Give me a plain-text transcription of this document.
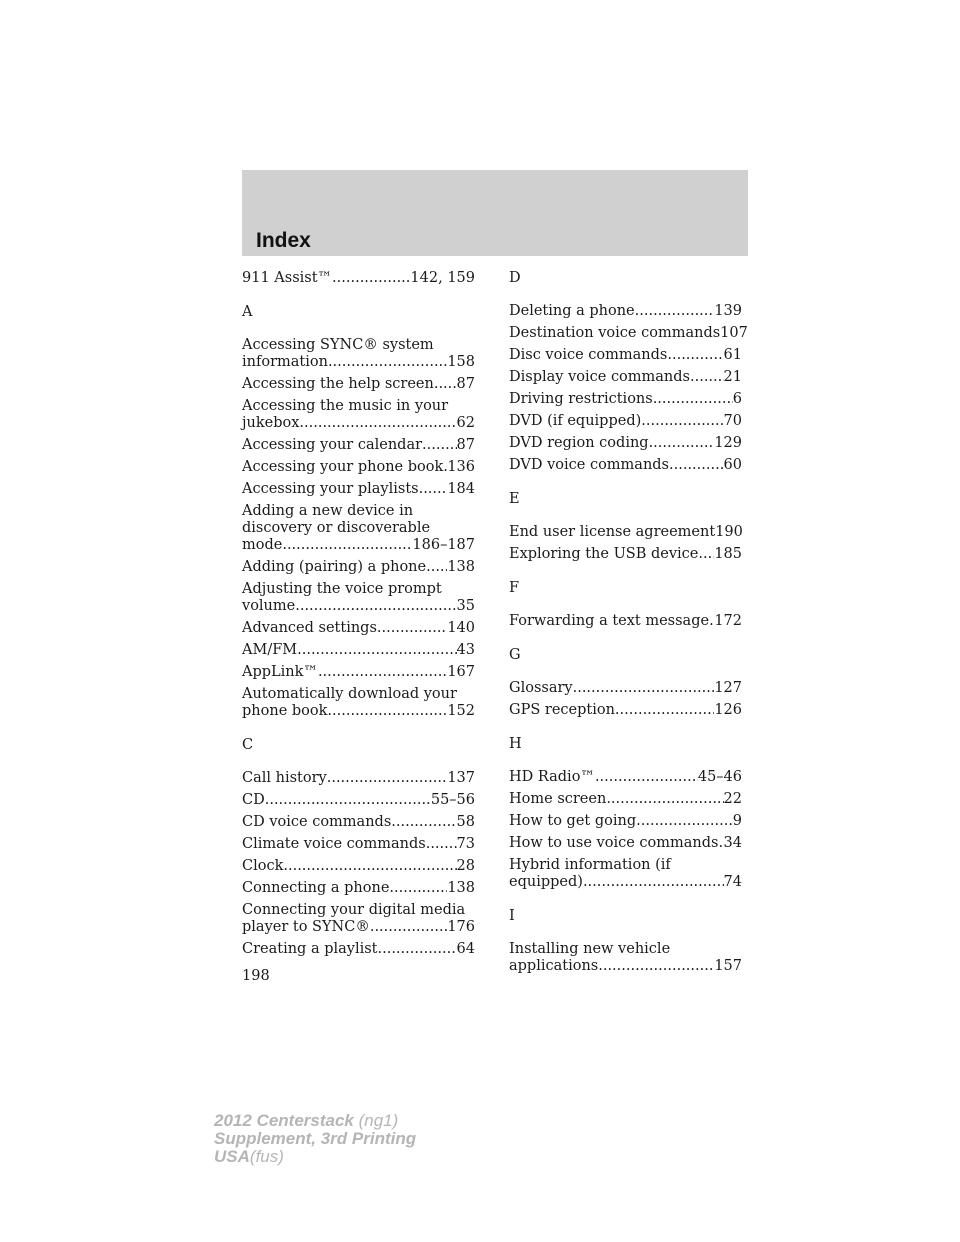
Index
911 Assist™ .....	142, 159
A
Accessing SYNC® system
information .....	158
Accessing the help screen ..... 87
Accessing the music in your
jukebox .....	62
Accessing your calendar ..... 87
Accessing your phone book ..... 136
Accessing your playlists ..... 184
Adding a new device in
discovery or discoverable
mode .....	186–187
Adding (pairing) a phone ..... 138
Adjusting the voice prompt
volume .....	35
Advanced settings .....	140
AM/FM .....	43
AppLink™ .....	167
Automatically download your
phone book .....	152
C
Call history .....	137
CD .....	55–56
CD voice commands .....	58
Climate voice commands ..... 73
Clock .....	28
Connecting a phone .....	138
Connecting your digital media
player to SYNC® .....	176
Creating a playlist .....	64
D
Deleting a phone .....	139
Destination voice commands 107
Disc voice commands .....	61
Display voice commands ..... 21
Driving restrictions .....	6
DVD (if equipped) .....	70
DVD region coding .....	129
DVD voice commands .....	60
E
End user license agreement 190
Exploring the USB device ..... 185
F
Forwarding a text message ..... 172
G
Glossary .....	127
GPS reception .....	126
H
HD Radio™ .....	45–46
Home screen .....	22
How to get going .....	9
How to use voice commands ..... 34
Hybrid information (if
equipped) .....	74
I
Installing new vehicle
applications .....	157
198
2012 Centerstack (ng1)
Supplement, 3rd Printing
USA(fus)
